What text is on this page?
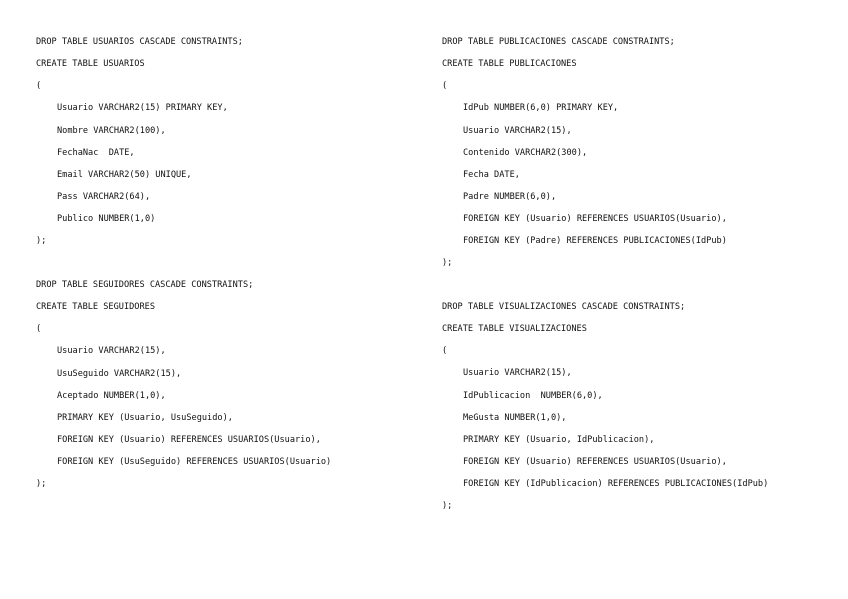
DROP TABLE USUARIOS CASCADE CONSTRAINTS;
CREATE TABLE USUARIOS
(
Usuario VARCHAR2(15) PRIMARY KEY,
Nombre VARCHAR2(100),
FechaNac  DATE,
Email VARCHAR2(50) UNIQUE,
Pass VARCHAR2(64),
Publico NUMBER(1,0)
);
DROP TABLE SEGUIDORES CASCADE CONSTRAINTS;
CREATE TABLE SEGUIDORES
(
Usuario VARCHAR2(15),
UsuSeguido VARCHAR2(15),
Aceptado NUMBER(1,0),
PRIMARY KEY (Usuario, UsuSeguido),
FOREIGN KEY (Usuario) REFERENCES USUARIOS(Usuario),
FOREIGN KEY (UsuSeguido) REFERENCES USUARIOS(Usuario)
);
DROP TABLE PUBLICACIONES CASCADE CONSTRAINTS;
CREATE TABLE PUBLICACIONES
(
IdPub NUMBER(6,0) PRIMARY KEY,
Usuario VARCHAR2(15),
Contenido VARCHAR2(300),
Fecha DATE,
Padre NUMBER(6,0),
FOREIGN KEY (Usuario) REFERENCES USUARIOS(Usuario),
FOREIGN KEY (Padre) REFERENCES PUBLICACIONES(IdPub)
);
DROP TABLE VISUALIZACIONES CASCADE CONSTRAINTS;
CREATE TABLE VISUALIZACIONES
(
Usuario VARCHAR2(15),
IdPublicacion  NUMBER(6,0),
MeGusta NUMBER(1,0),
PRIMARY KEY (Usuario, IdPublicacion),
FOREIGN KEY (Usuario) REFERENCES USUARIOS(Usuario),
FOREIGN KEY (IdPublicacion) REFERENCES PUBLICACIONES(IdPub)
);
